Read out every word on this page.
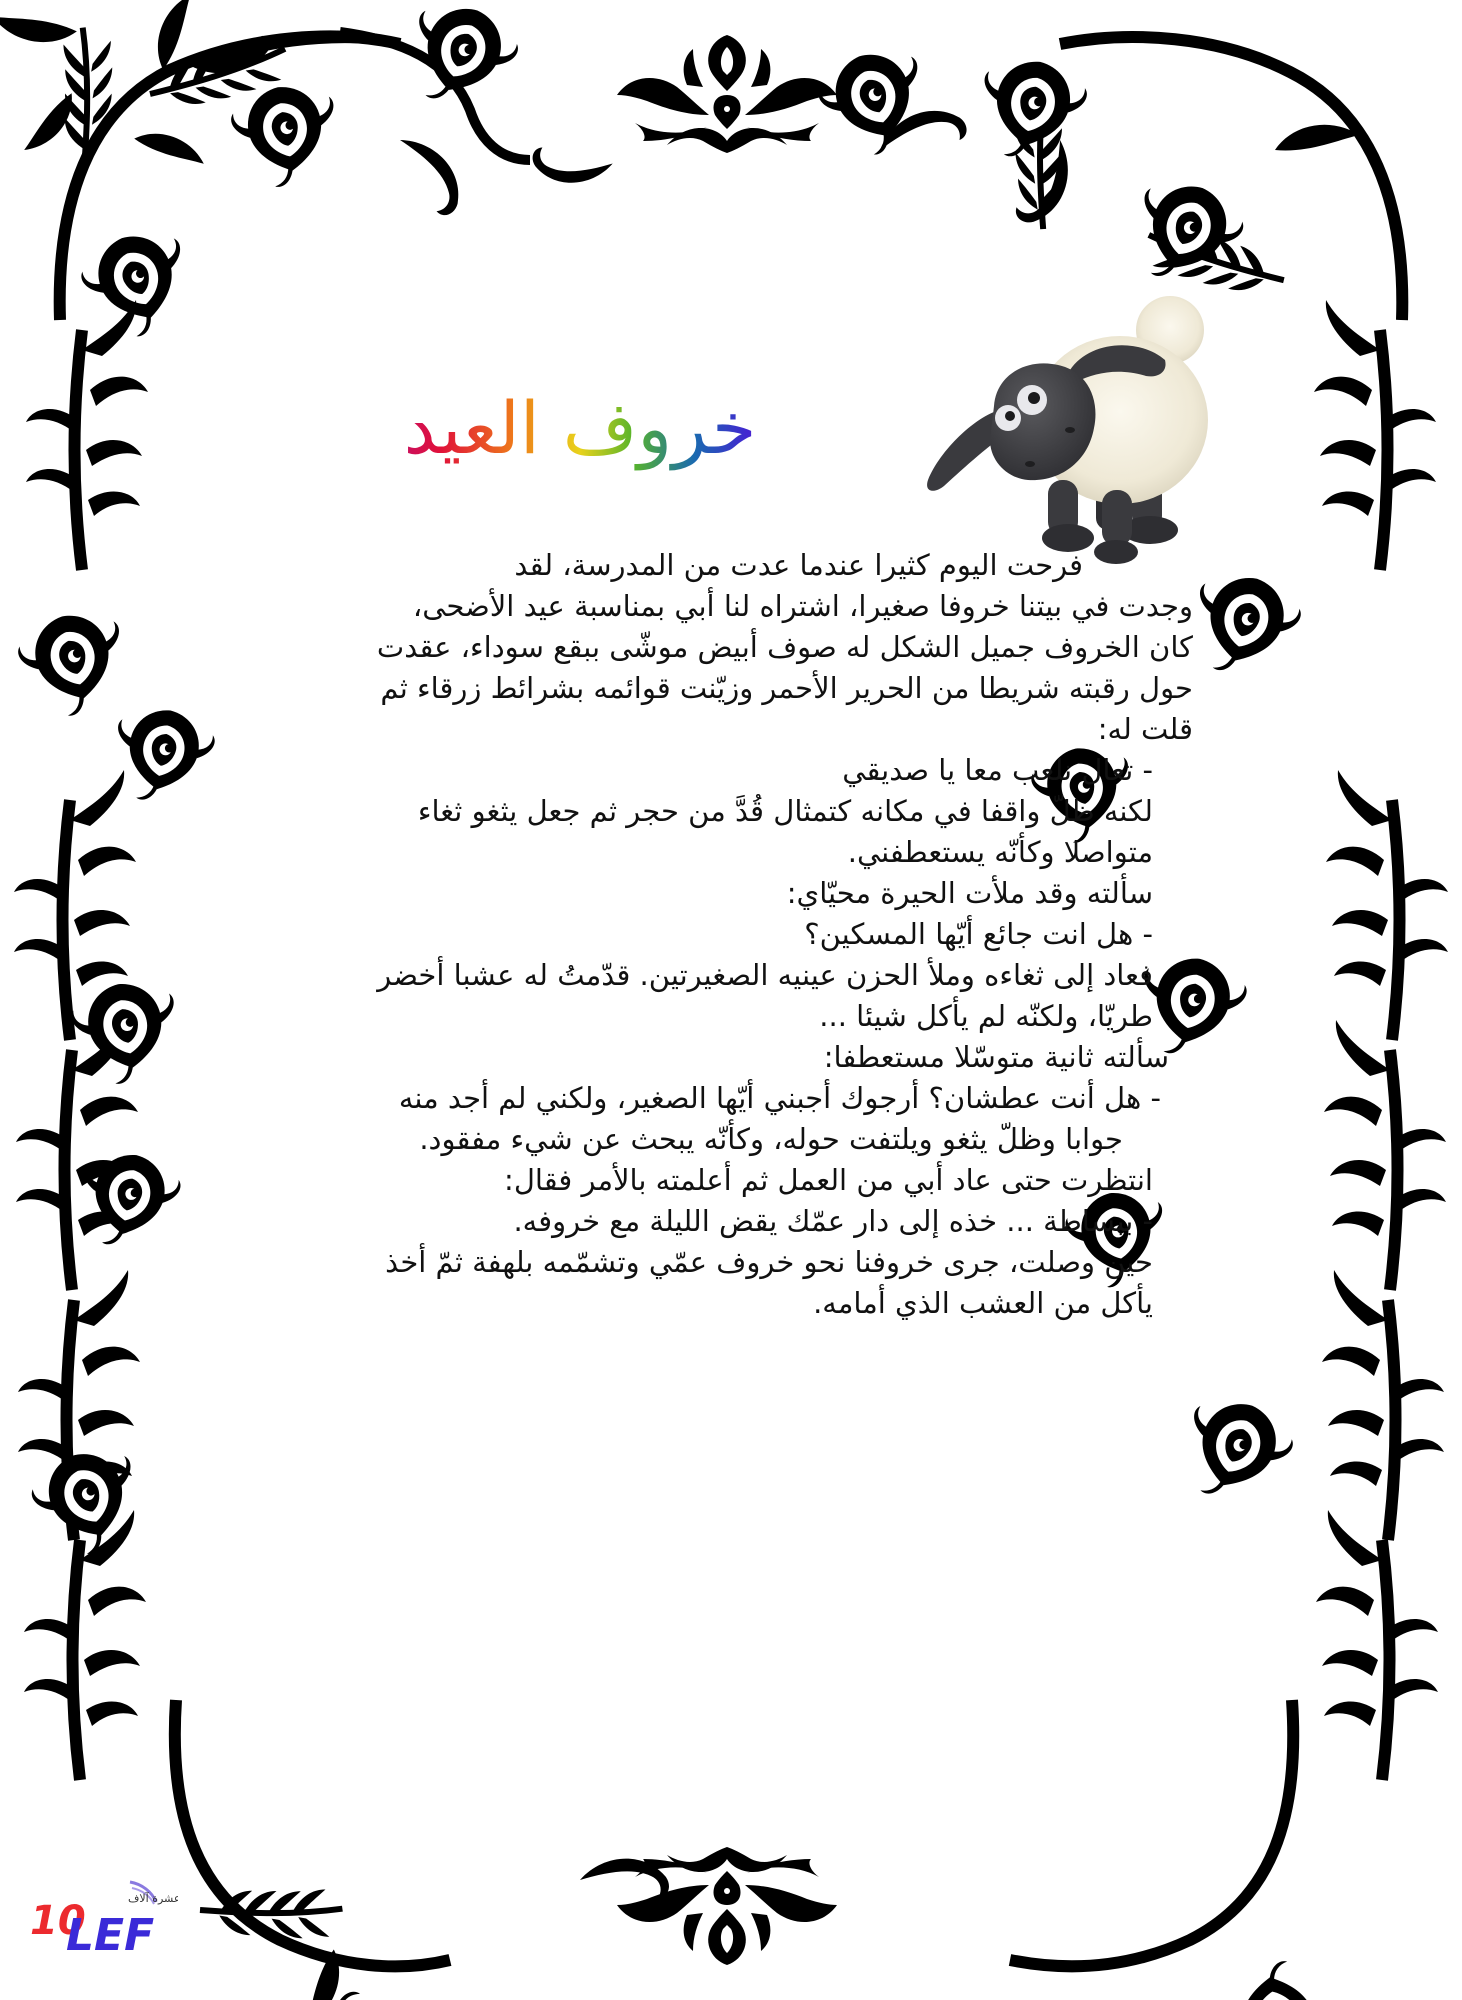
خروف العيد

فرحت اليوم كثيرا عندما عدت من المدرسة، لقد

وجدت في بيتنا خروفا صغيرا، اشتراه لنا أبي بمناسبة عيد الأضحى،

كان الخروف جميل الشكل له صوف أبيض موشّى ببقع سوداء، عقدت

حول رقبته شريطا من الحرير الأحمر وزيّنت قوائمه بشرائط زرقاء ثم

قلت له:

- تعال نلعب معا يا صديقي

لكنه ظلّ واقفا في مكانه كتمثال قُدَّ من حجر ثم جعل يثغو ثغاء

متواصلا وكأنّه يستعطفني.

سألته وقد ملأت الحيرة محيّاي:

- هل انت جائع أيّها المسكين؟

فعاد إلى ثغاءه وملأ الحزن عينيه الصغيرتين. قدّمتُ له عشبا أخضر

طريّا، ولكنّه لم يأكل شيئا ...

سألته ثانية متوسّلا مستعطفا:

- هل أنت عطشان؟ أرجوك أجبني أيّها الصغير، ولكني لم أجد منه

جوابا وظلّ يثغو ويلتفت حوله، وكأنّه يبحث عن شيء مفقود.

انتظرت حتى عاد أبي من العمل ثم أعلمته بالأمر فقال:

- ببساطة ... خذه إلى دار عمّك يقض الليلة مع خروفه.

حين وصلت، جرى خروفنا نحو خروف عمّي وتشمّمه بلهفة ثمّ أخذ

يأكل من العشب الذي أمامه.

عشرة آلاف
10
LEF
